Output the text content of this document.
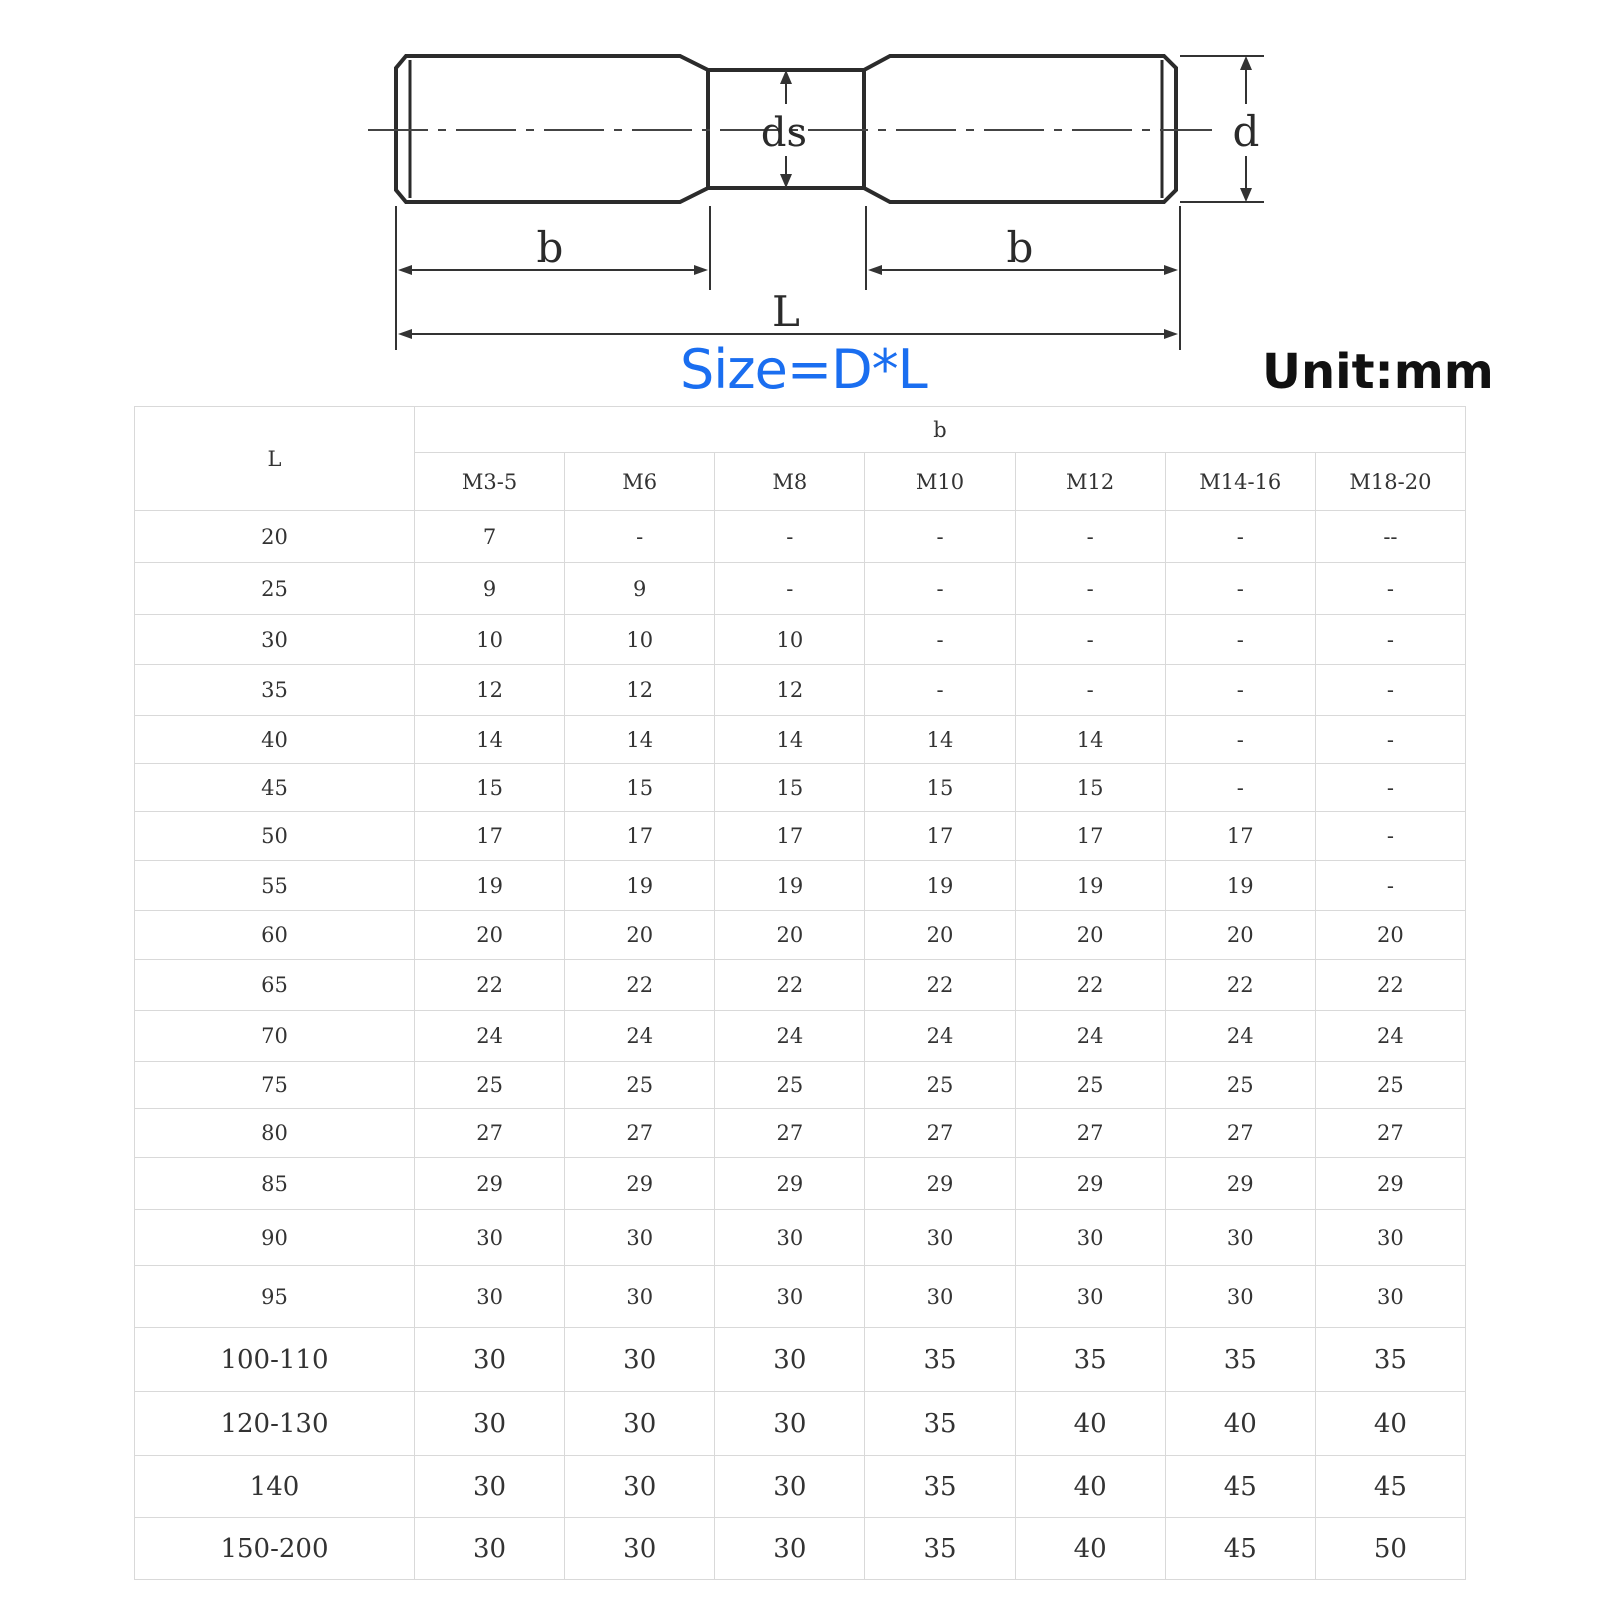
b	b
L
ds	d
Size=D*L	Unit:mm
L	b						
	M3-5	M6	M8	M10	M12	M14-16	M18-20
20	7	-	-	-	-	-	--
25	9	9	-	-	-	-	-
30	10	10	10	-	-	-	-
35	12	12	12	-	-	-	-
40	14	14	14	14	14	-	-
45	15	15	15	15	15	-	-
50	17	17	17	17	17	17	-
55	19	19	19	19	19	19	-
60	20	20	20	20	20	20	20
65	22	22	22	22	22	22	22
70	24	24	24	24	24	24	24
75	25	25	25	25	25	25	25
80	27	27	27	27	27	27	27
85	29	29	29	29	29	29	29
90	30	30	30	30	30	30	30
95	30	30	30	30	30	30	30
100-110	30	30	30	35	35	35	35
120-130	30	30	30	35	40	40	40
140	30	30	30	35	40	45	45
150-200	30	30	30	35	40	45	50
